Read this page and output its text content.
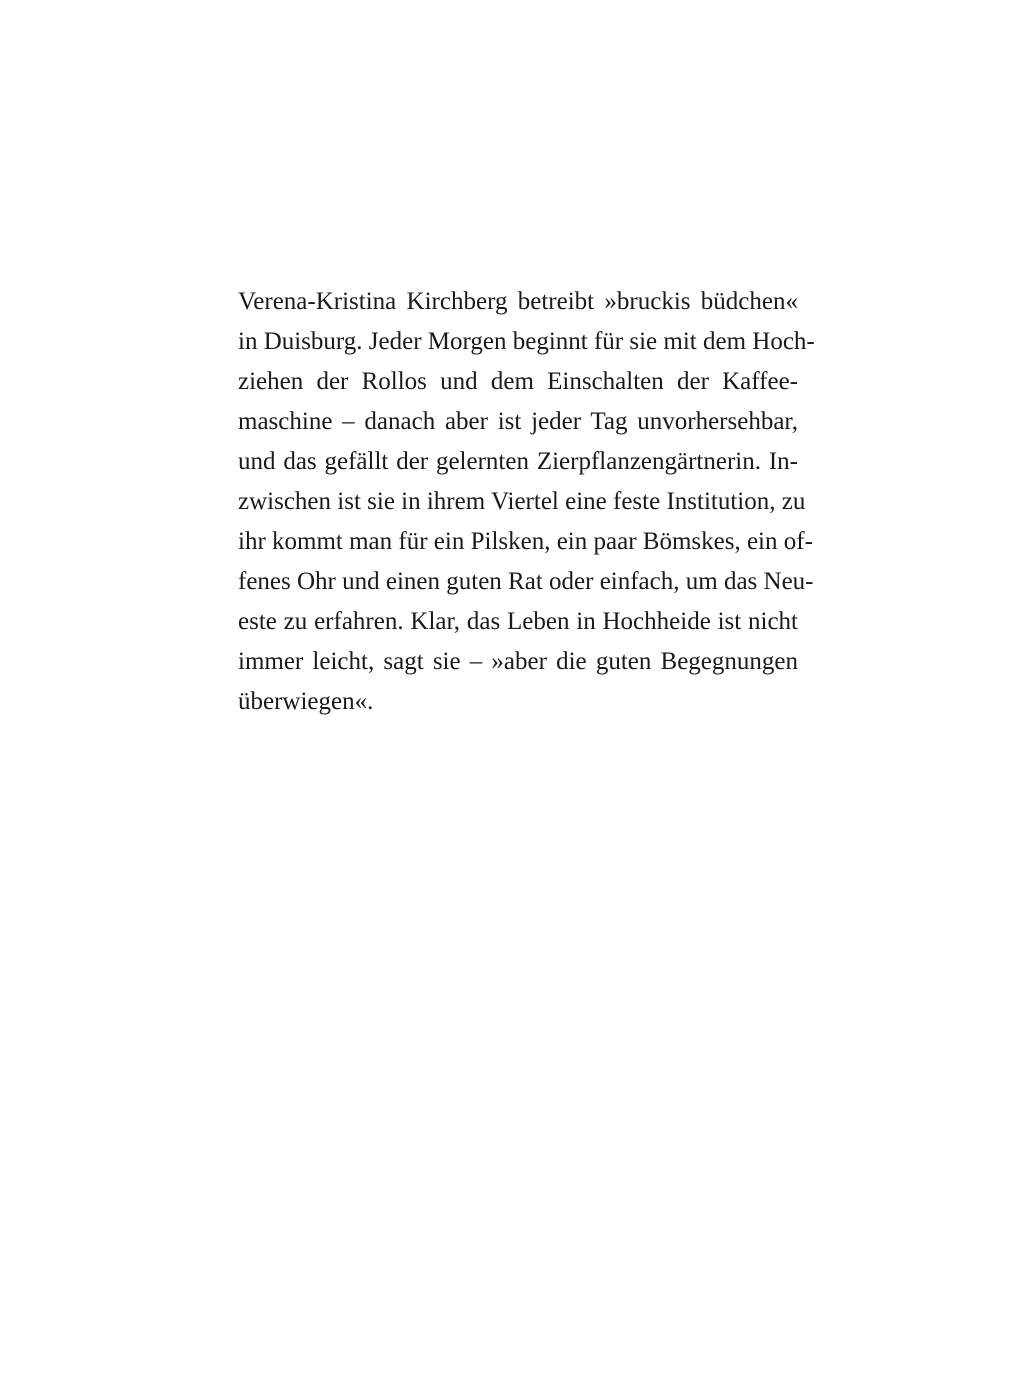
Verena-Kristina Kirchberg betreibt »bruckis büdchen«
in Duisburg. Jeder Morgen beginnt für sie mit dem Hoch-
ziehen der Rollos und dem Einschalten der Kaffee-
maschine – danach aber ist jeder Tag unvorhersehbar,
und das gefällt der gelernten Zierpflanzengärtnerin. In-
zwischen ist sie in ihrem Viertel eine feste Institution, zu
ihr kommt man für ein Pilsken, ein paar Bömskes, ein of-
fenes Ohr und einen guten Rat oder einfach, um das Neu-
este zu erfahren. Klar, das Leben in Hochheide ist nicht
immer leicht, sagt sie – »aber die guten Begegnungen
überwiegen«.
